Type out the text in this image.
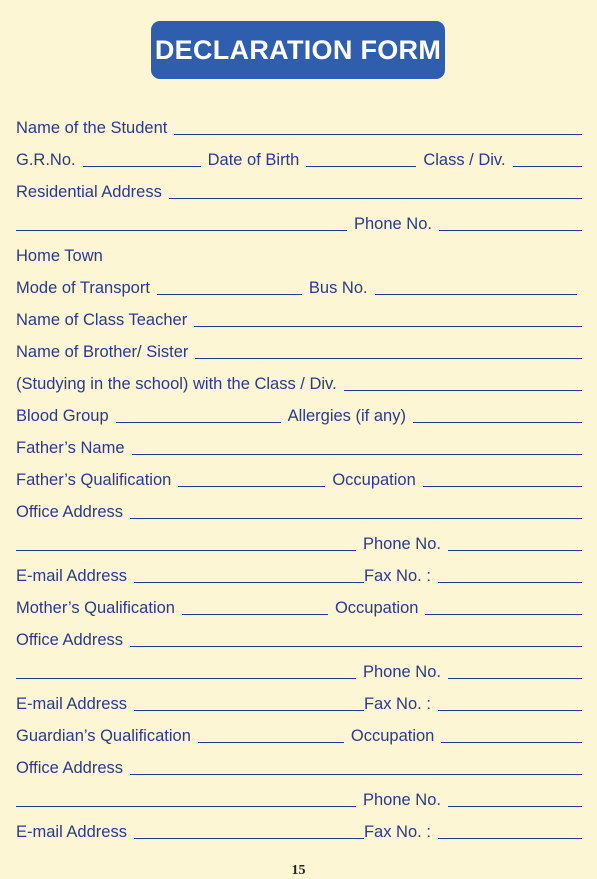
DECLARATION FORM
Name of the Student
G.R.No.	Date of Birth	Class / Div.
Residential Address
Phone No.
Home Town
Mode of Transport	Bus No.
Name of Class Teacher
Name of Brother/ Sister
(Studying in the school) with the Class / Div.
Blood Group	Allergies (if any)
Father’s Name
Father’s Qualification	Occupation
Office Address
Phone No.
E-mail Address	Fax No. :
Mother’s Qualification	Occupation
Office Address
Phone No.
E-mail Address	Fax No. :
Guardian’s Qualification	Occupation
Office Address
Phone No.
E-mail Address	Fax No. :
15
